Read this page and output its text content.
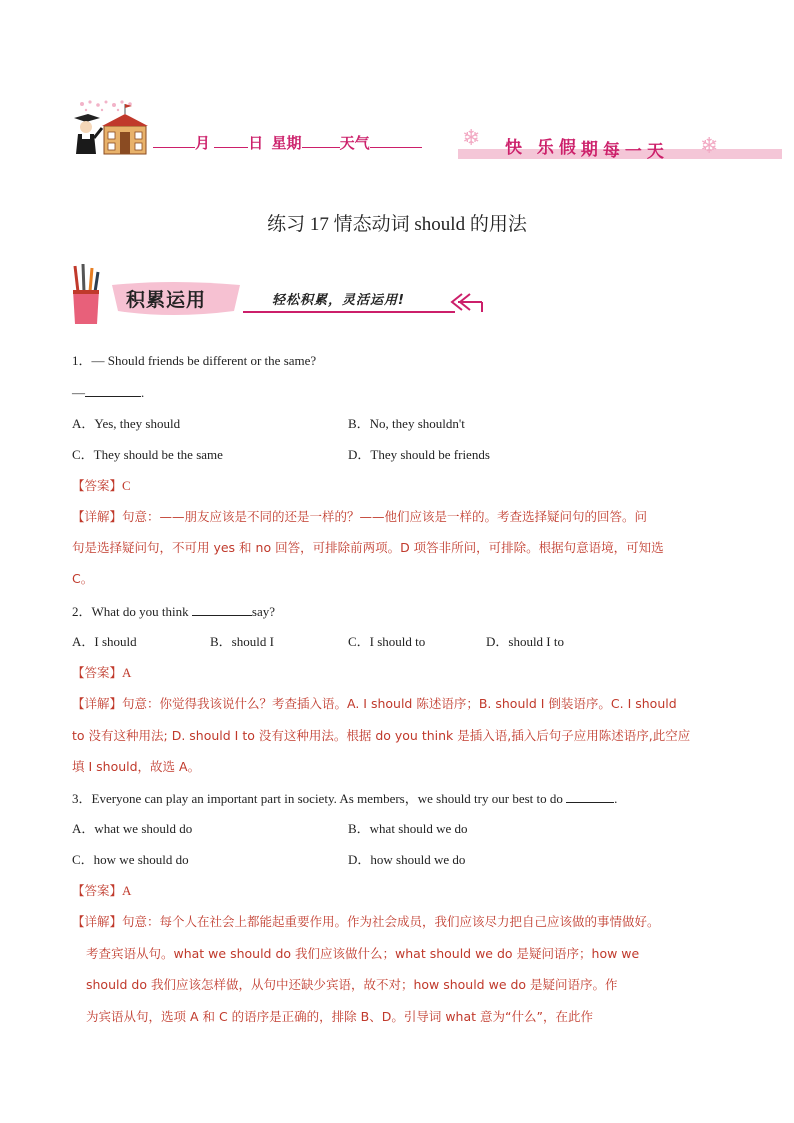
月	日 星期	天气	❄	❄
快 乐 假 期 每 一 天
练习 17 情态动词 should 的用法
积累运用	轻松积累，灵活运用!
1．— Should friends be different or the same?
—	.
A．Yes, they should	B．No, they shouldn't
C．They should be the same	D．They should be friends
【答案】C
【详解】句意：——朋友应该是不同的还是一样的？——他们应该是一样的。考查选择疑问句的回答。问
句是选择疑问句，不可用 yes 和 no 回答，可排除前两项。D 项答非所问，可排除。根据句意语境，可知选
C。
2．What do you think	say?
A．I should	B．should I	C．I should to	D．should I to
【答案】A
【详解】句意：你觉得我该说什么？考查插入语。A. I should 陈述语序；B. should I 倒装语序。C. I should
to 没有这种用法; D. should I to 没有这种用法。根据 do you think 是插入语,插入后句子应用陈述语序,此空应
填 I should，故选 A。
3．Everyone can play an important part in society. As members，we should try our best to do	.
A．what we should do	B．what should we do
C．how we should do	D．how should we do
【答案】A
【详解】句意：每个人在社会上都能起重要作用。作为社会成员，我们应该尽力把自己应该做的事情做好。
考查宾语从句。what we should do 我们应该做什么；what should we do 是疑问语序；how we
should do 我们应该怎样做，从句中还缺少宾语，故不对；how should we do 是疑问语序。作
为宾语从句，选项 A 和 C 的语序是正确的，排除 B、D。引导词 what 意为“什么”，在此作
